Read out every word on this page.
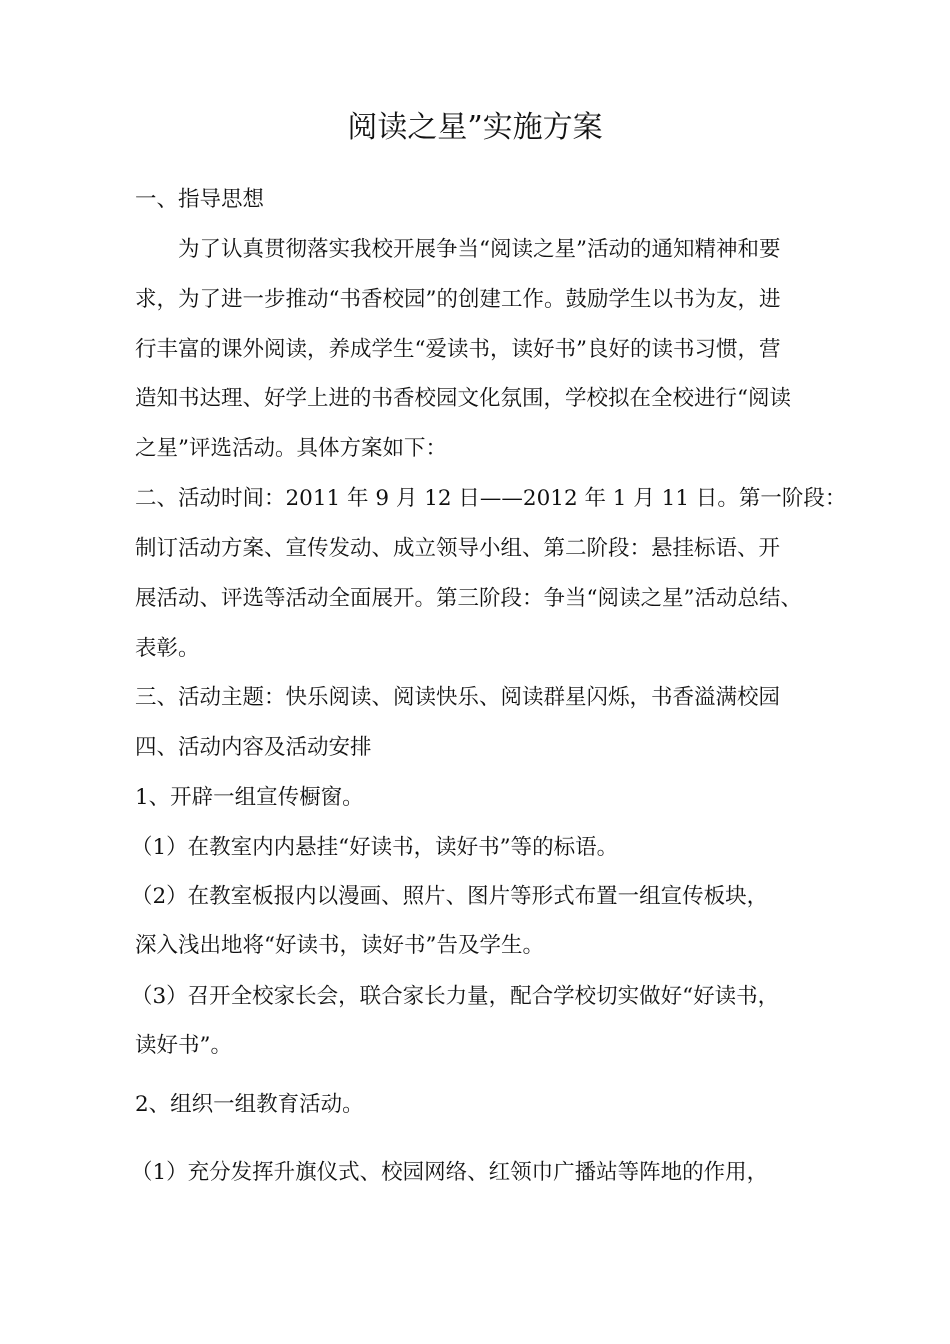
阅读之星”实施方案
一、指导思想
为了认真贯彻落实我校开展争当“阅读之星”活动的通知精神和要
求，为了进一步推动“书香校园”的创建工作。鼓励学生以书为友，进
行丰富的课外阅读，养成学生“爱读书，读好书”良好的读书习惯，营
造知书达理、好学上进的书香校园文化氛围，学校拟在全校进行“阅读
之星”评选活动。具体方案如下：
二、活动时间：2011 年 9 月 12 日——2012 年 1 月 11 日。第一阶段：
制订活动方案、宣传发动、成立领导小组、第二阶段：悬挂标语、开
展活动、评选等活动全面展开。第三阶段：争当“阅读之星”活动总结、
表彰。
三、活动主题：快乐阅读、阅读快乐、阅读群星闪烁，书香溢满校园
四、活动内容及活动安排
1、开辟一组宣传橱窗。
（1）在教室内内悬挂“好读书，读好书”等的标语。
（2）在教室板报内以漫画、照片、图片等形式布置一组宣传板块，
深入浅出地将“好读书，读好书”告及学生。
（3）召开全校家长会，联合家长力量，配合学校切实做好“好读书，
读好书”。
2、组织一组教育活动。
（1）充分发挥升旗仪式、校园网络、红领巾广播站等阵地的作用，
